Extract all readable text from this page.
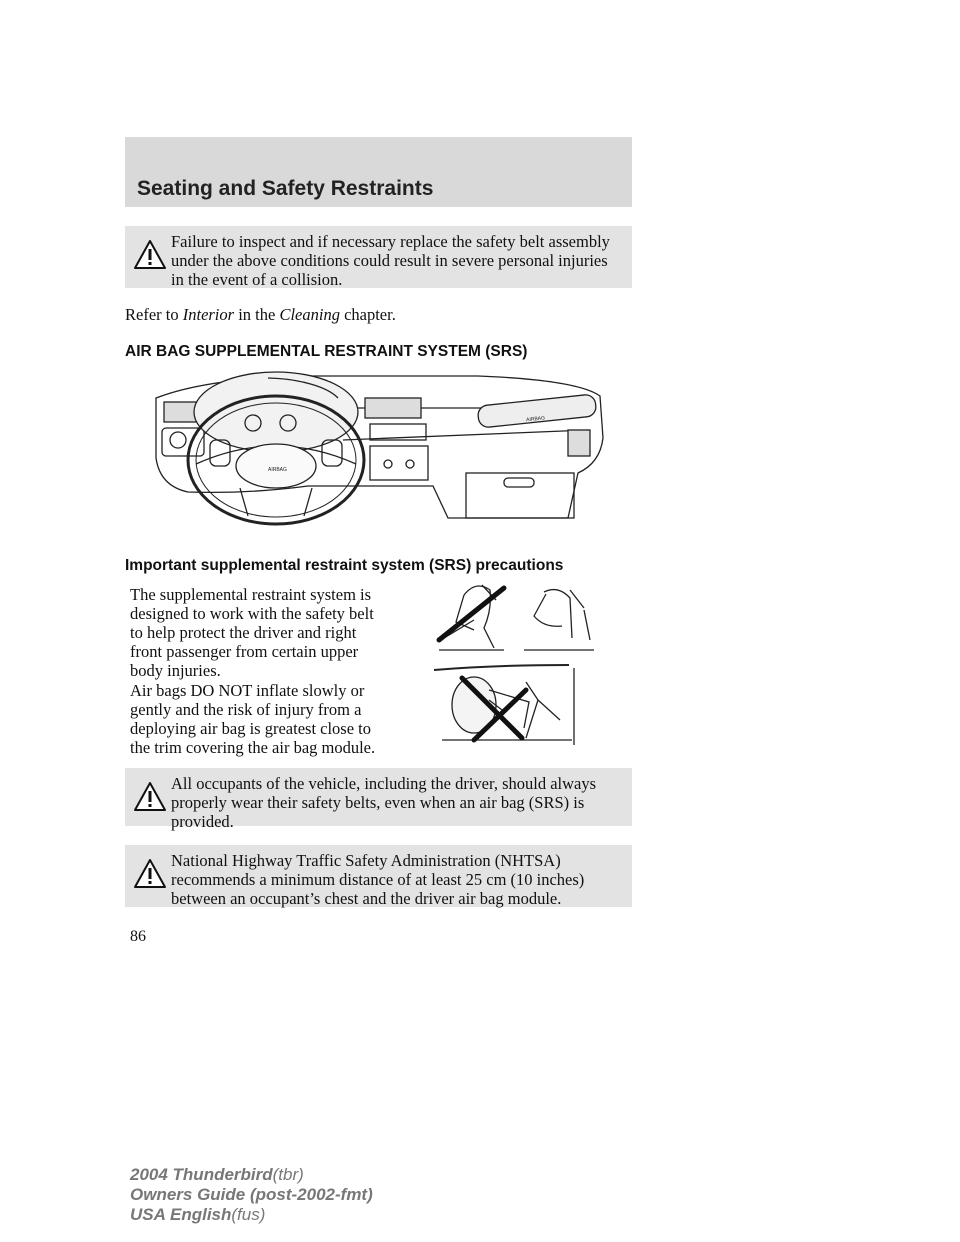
Seating and Safety Restraints

Failure to inspect and if necessary replace the safety belt assembly under the above conditions could result in severe personal injuries in the event of a collision.

Refer to Interior in the Cleaning chapter.

AIR BAG SUPPLEMENTAL RESTRAINT SYSTEM (SRS)
AIRBAG
AIRBAG
Important supplemental restraint system (SRS) precautions

The supplemental restraint system is designed to work with the safety belt to help protect the driver and right front passenger from certain upper body injuries.

Air bags DO NOT inflate slowly or gently and the risk of injury from a deploying air bag is greatest close to the trim covering the air bag module.

All occupants of the vehicle, including the driver, should always properly wear their safety belts, even when an air bag (SRS) is provided.

National Highway Traffic Safety Administration (NHTSA) recommends a minimum distance of at least 25 cm (10 inches) between an occupant’s chest and the driver air bag module.

86

2004 Thunderbird(tbr)
Owners Guide (post-2002-fmt)
USA English(fus)
